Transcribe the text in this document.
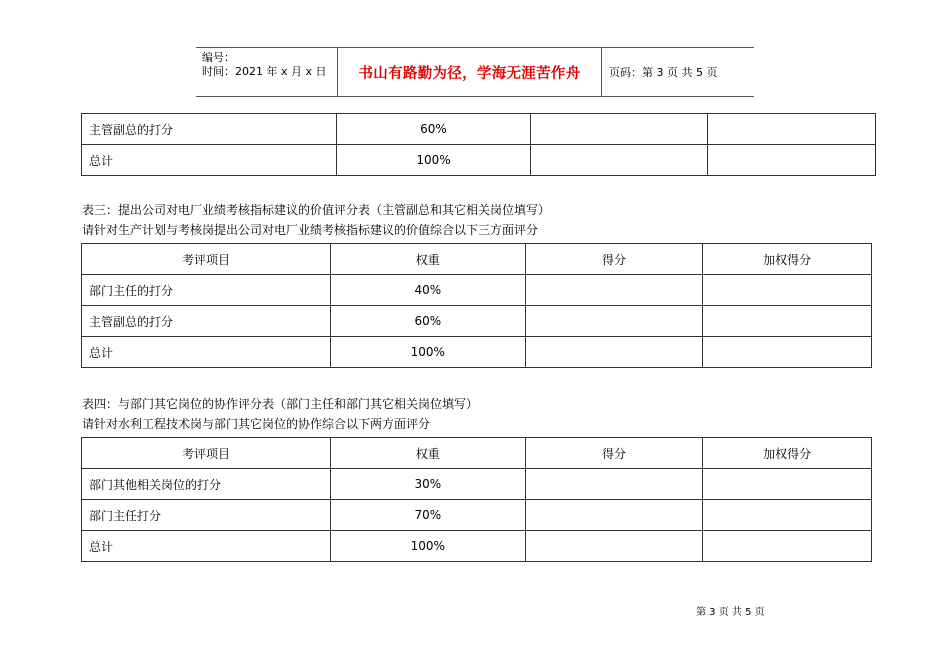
编号：
时间：2021 年 x 月 x 日	书山有路勤为径，学海无涯苦作舟	页码：第 3 页 共 5 页
主管副总的打分	60%		
总计	100%		
表三：提出公司对电厂业绩考核指标建议的价值评分表（主管副总和其它相关岗位填写）
请针对生产计划与考核岗提出公司对电厂业绩考核指标建议的价值综合以下三方面评分
考评项目	权重	得分	加权得分
部门主任的打分	40%		
主管副总的打分	60%		
总计	100%		
表四：与部门其它岗位的协作评分表（部门主任和部门其它相关岗位填写）
请针对水利工程技术岗与部门其它岗位的协作综合以下两方面评分
考评项目	权重	得分	加权得分
部门其他相关岗位的打分	30%		
部门主任打分	70%		
总计	100%		
第 3 页 共 5 页
